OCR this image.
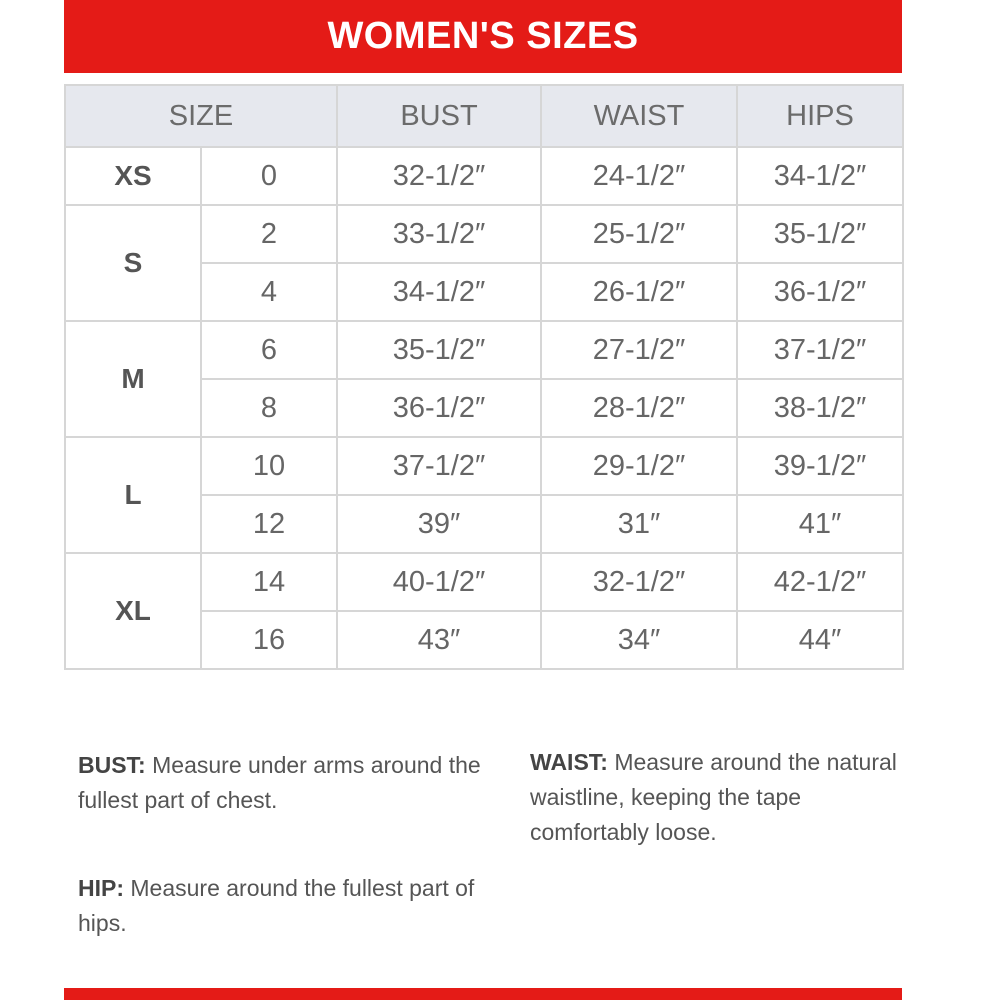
WOMEN'S SIZES
SIZE		BUST	WAIST	HIPS
XS	0	32-1/2″	24-1/2″	34-1/2″
S	2	33-1/2″	25-1/2″	35-1/2″
	4	34-1/2″	26-1/2″	36-1/2″
M	6	35-1/2″	27-1/2″	37-1/2″
	8	36-1/2″	28-1/2″	38-1/2″
L	10	37-1/2″	29-1/2″	39-1/2″
	12	39″	31″	41″
XL	14	40-1/2″	32-1/2″	42-1/2″
	16	43″	34″	44″
BUST: Measure under arms around the fullest part of chest.
WAIST: Measure around the natural waistline, keeping the tape comfortably loose.
HIP: Measure around the fullest part of hips.
